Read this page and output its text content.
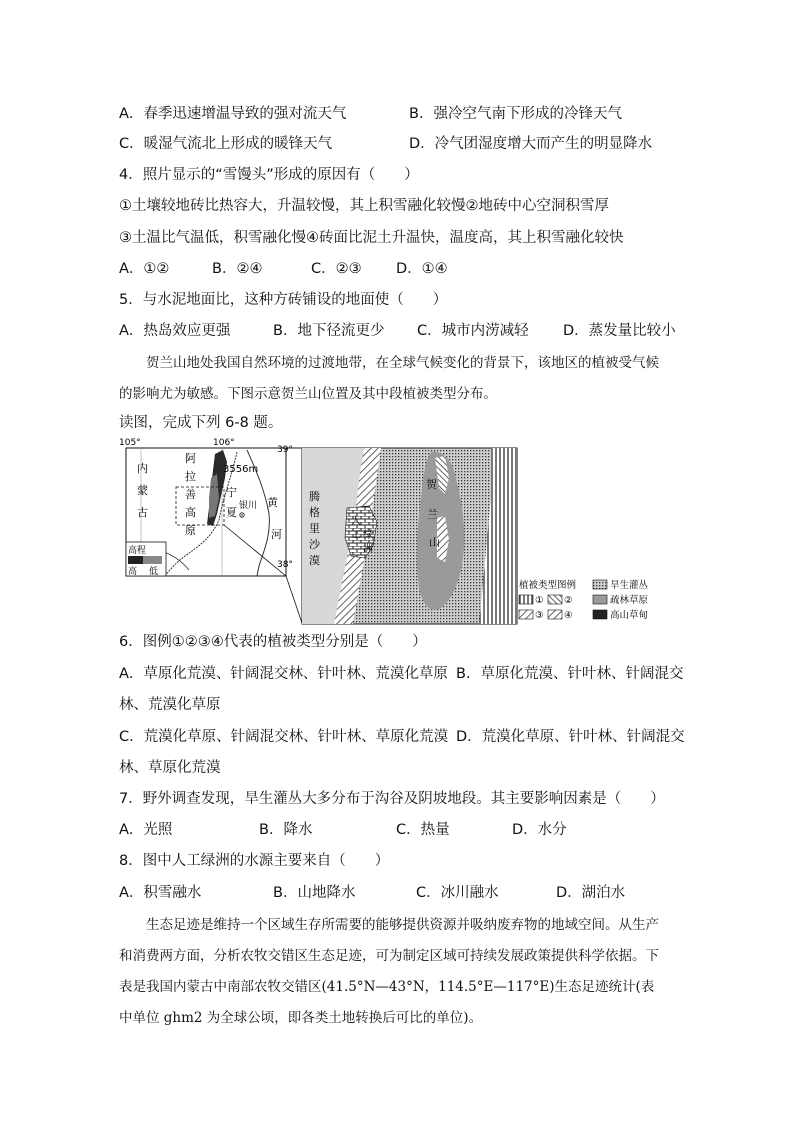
A．春季迅速增温导致的强对流天气	B．强冷空气南下形成的冷锋天气
C．暖湿气流北上形成的暖锋天气	D．冷气团湿度增大而产生的明显降水
4．照片显示的“雪馒头”形成的原因有（　　）
①土壤较地砖比热容大，升温较慢，其上积雪融化较慢②地砖中心空洞积雪厚
③土温比气温低，积雪融化慢④砖面比泥土升温快，温度高，其上积雪融化较快
A．①②	B．②④	C．②③ D．①④
5．与水泥地面比，这种方砖铺设的地面使（　　）
A．热岛效应更强	B．地下径流更少 C．城市内涝减轻 D．蒸发量比较小
贺兰山地处我国自然环境的过渡地带，在全球气候变化的背景下，该地区的植被受气候
的影响尤为敏感。下图示意贺兰山位置及其中段植被类型分布。
读图，完成下列 6-8 题。
105°	106°
39°
38°
3556m
阿
拉
善
高
原
内
蒙
古
宁
夏 银川 黄
河
高程
高 低
腾
格
里
沙
漠
人
工 绿
洲
贺
兰
山
植被类型图例	旱生灌丛
① ②	疏林草原
③ ④	高山草甸
6．图例①②③④代表的植被类型分别是（　　）
A．草原化荒漠、针阔混交林、针叶林、荒漠化草原 B．草原化荒漠、针叶林、针阔混交
林、荒漠化草原
C．荒漠化草原、针阔混交林、针叶林、草原化荒漠 D．荒漠化草原、针叶林、针阔混交
林、草原化荒漠
7．野外调查发现，旱生灌丛大多分布于沟谷及阴坡地段。其主要影响因素是（　　）
A．光照	B．降水	C．热量	D．水分
8．图中人工绿洲的水源主要来自（　　）
A．积雪融水	B．山地降水	C．冰川融水	D．湖泊水
生态足迹是维持一个区域生存所需要的能够提供资源并吸纳废弃物的地域空间。从生产
和消费两方面，分析农牧交错区生态足迹，可为制定区域可持续发展政策提供科学依据。下
表是我国内蒙古中南部农牧交错区(41.5°N—43°N，114.5°E—117°E)生态足迹统计(表
中单位 ghm2 为全球公顷，即各类土地转换后可比的单位)。
